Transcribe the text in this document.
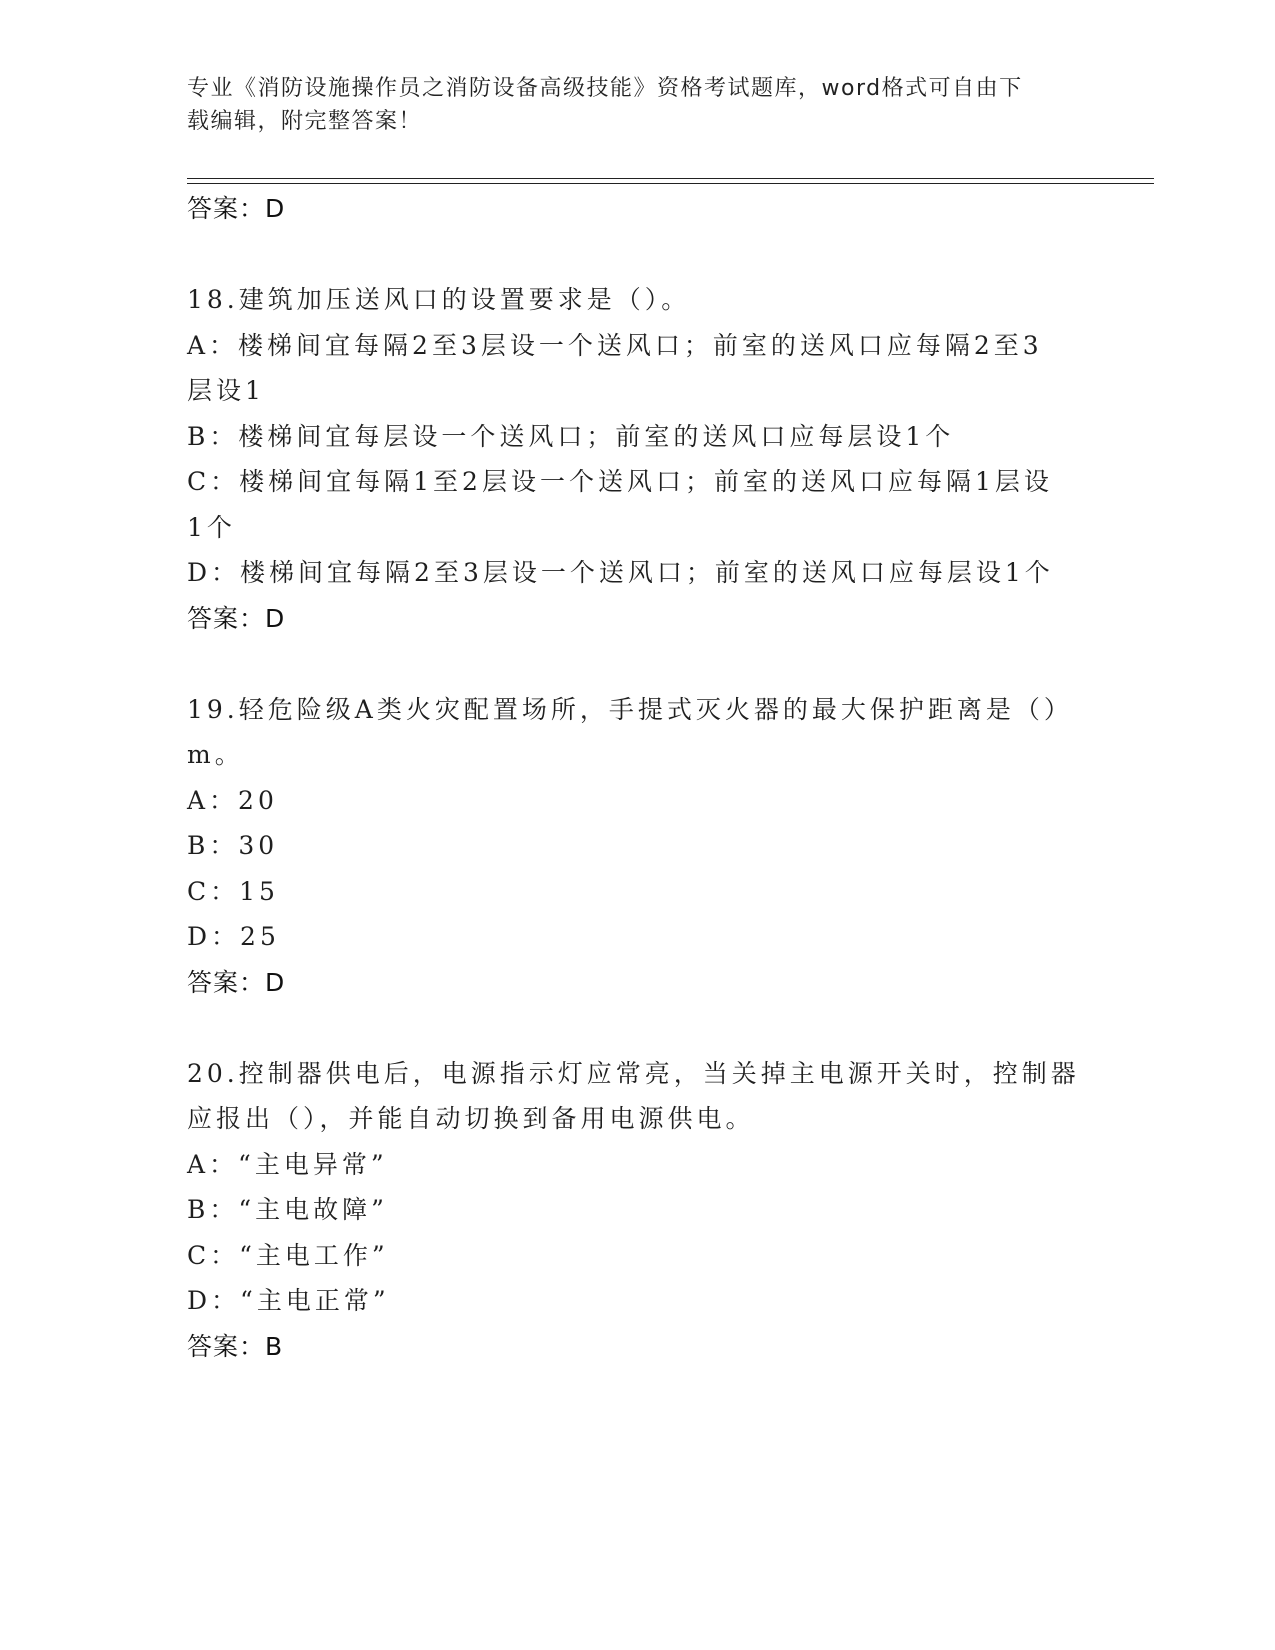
专业《消防设施操作员之消防设备高级技能》资格考试题库，word格式可自由下
载编辑，附完整答案！
答案：D
18.建筑加压送风口的设置要求是（）。
A：楼梯间宜每隔2至3层设一个送风口；前室的送风口应每隔2至3
层设1
B：楼梯间宜每层设一个送风口；前室的送风口应每层设1个
C：楼梯间宜每隔1至2层设一个送风口；前室的送风口应每隔1层设
1个
D：楼梯间宜每隔2至3层设一个送风口；前室的送风口应每层设1个
答案：D
19.轻危险级A类火灾配置场所，手提式灭火器的最大保护距离是（）
m。
A：20
B：30
C：15
D：25
答案：D
20.控制器供电后，电源指示灯应常亮，当关掉主电源开关时，控制器
应报出（），并能自动切换到备用电源供电。
A：“主电异常”
B：“主电故障”
C：“主电工作”
D：“主电正常”
答案：B
